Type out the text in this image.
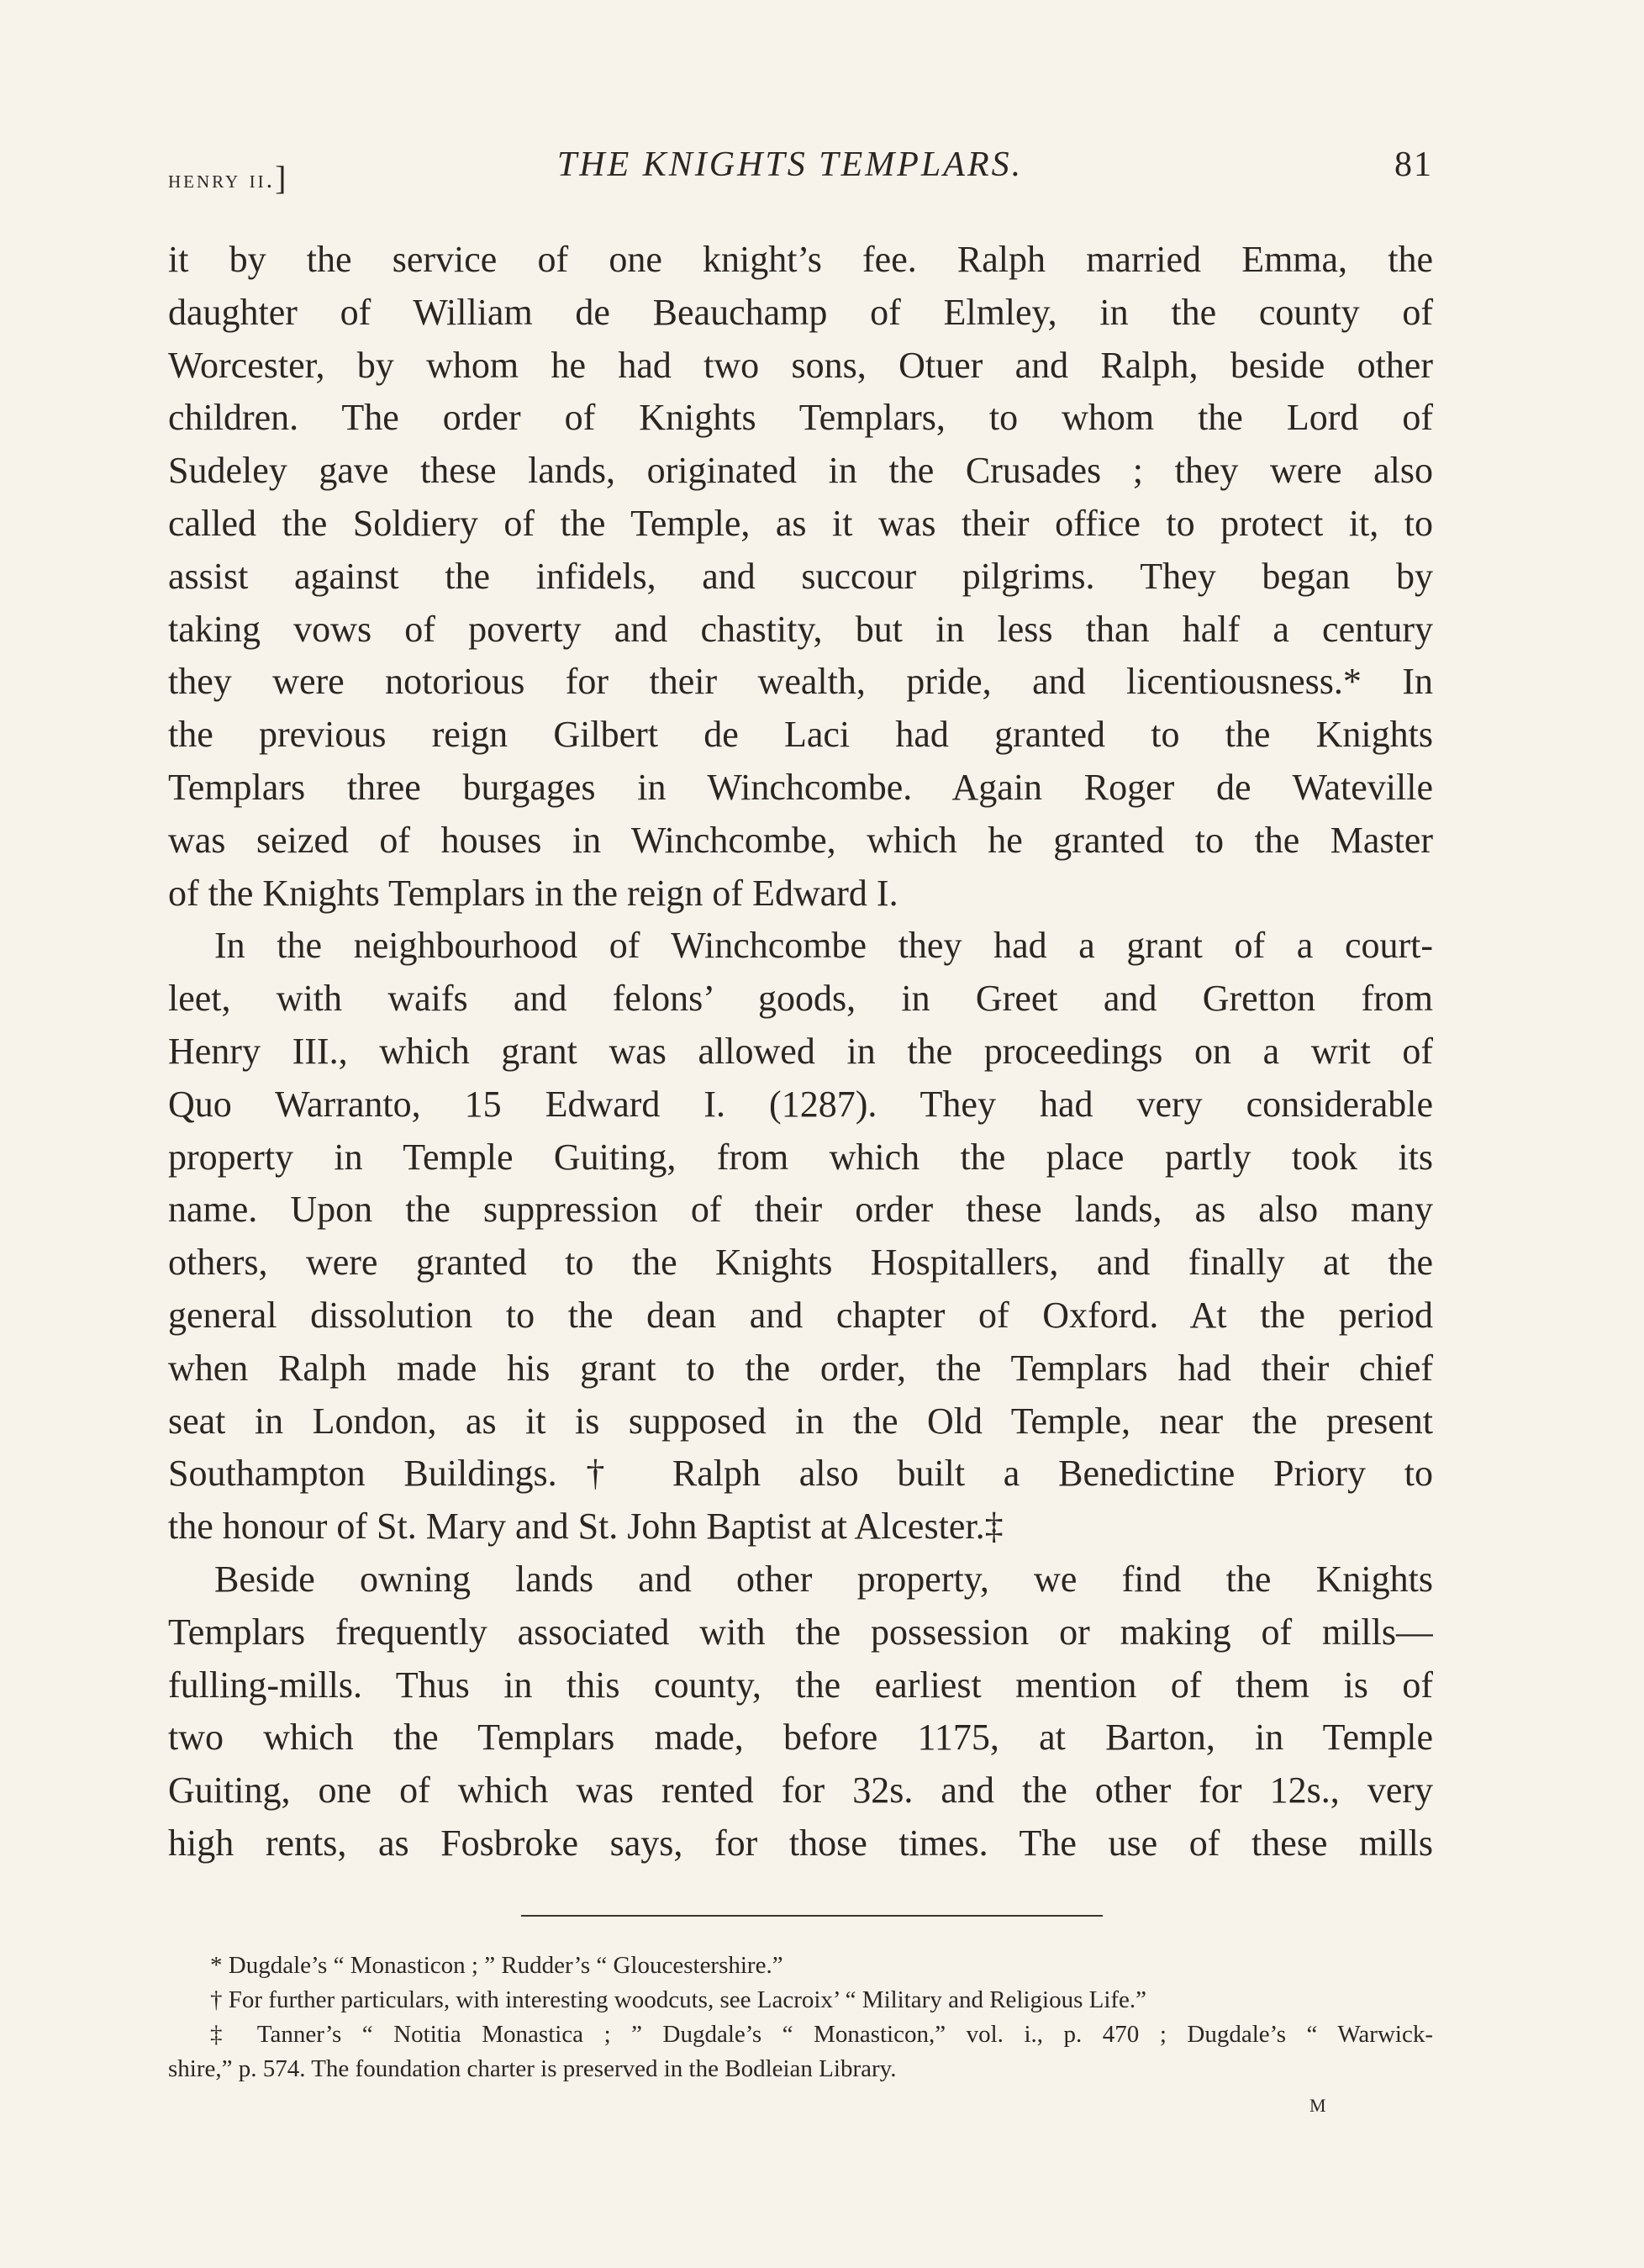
henry ii.]	THE KNIGHTS TEMPLARS.	81
it by the service of one knight’s fee. Ralph married Emma, the
daughter of William de Beauchamp of Elmley, in the county of
Worcester, by whom he had two sons, Otuer and Ralph, beside other
children. The order of Knights Templars, to whom the Lord of
Sudeley gave these lands, originated in the Crusades ; they were also
called the Soldiery of the Temple, as it was their office to protect it, to
assist against the infidels, and succour pilgrims. They began by
taking vows of poverty and chastity, but in less than half a century
they were notorious for their wealth, pride, and licentiousness.* In
the previous reign Gilbert de Laci had granted to the Knights
Templars three burgages in Winchcombe. Again Roger de Wateville
was seized of houses in Winchcombe, which he granted to the Master
of the Knights Templars in the reign of Edward I.
In the neighbourhood of Winchcombe they had a grant of a court-
leet, with waifs and felons’ goods, in Greet and Gretton from
Henry III., which grant was allowed in the proceedings on a writ of
Quo Warranto, 15 Edward I. (1287). They had very considerable
property in Temple Guiting, from which the place partly took its
name. Upon the suppression of their order these lands, as also many
others, were granted to the Knights Hospitallers, and finally at the
general dissolution to the dean and chapter of Oxford. At the period
when Ralph made his grant to the order, the Templars had their chief
seat in London, as it is supposed in the Old Temple, near the present
Southampton Buildings.† Ralph also built a Benedictine Priory to
the honour of St. Mary and St. John Baptist at Alcester.‡
Beside owning lands and other property, we find the Knights
Templars frequently associated with the possession or making of mills—
fulling-mills. Thus in this county, the earliest mention of them is of
two which the Templars made, before 1175, at Barton, in Temple
Guiting, one of which was rented for 32s. and the other for 12s., very
high rents, as Fosbroke says, for those times. The use of these mills
* Dugdale’s “ Monasticon ; ” Rudder’s “ Gloucestershire.”
† For further particulars, with interesting woodcuts, see Lacroix’ “ Military and Religious Life.”
‡ Tanner’s “ Notitia Monastica ; ” Dugdale’s “ Monasticon,” vol. i., p. 470 ; Dugdale’s “ Warwick-
shire,” p. 574. The foundation charter is preserved in the Bodleian Library.
M
